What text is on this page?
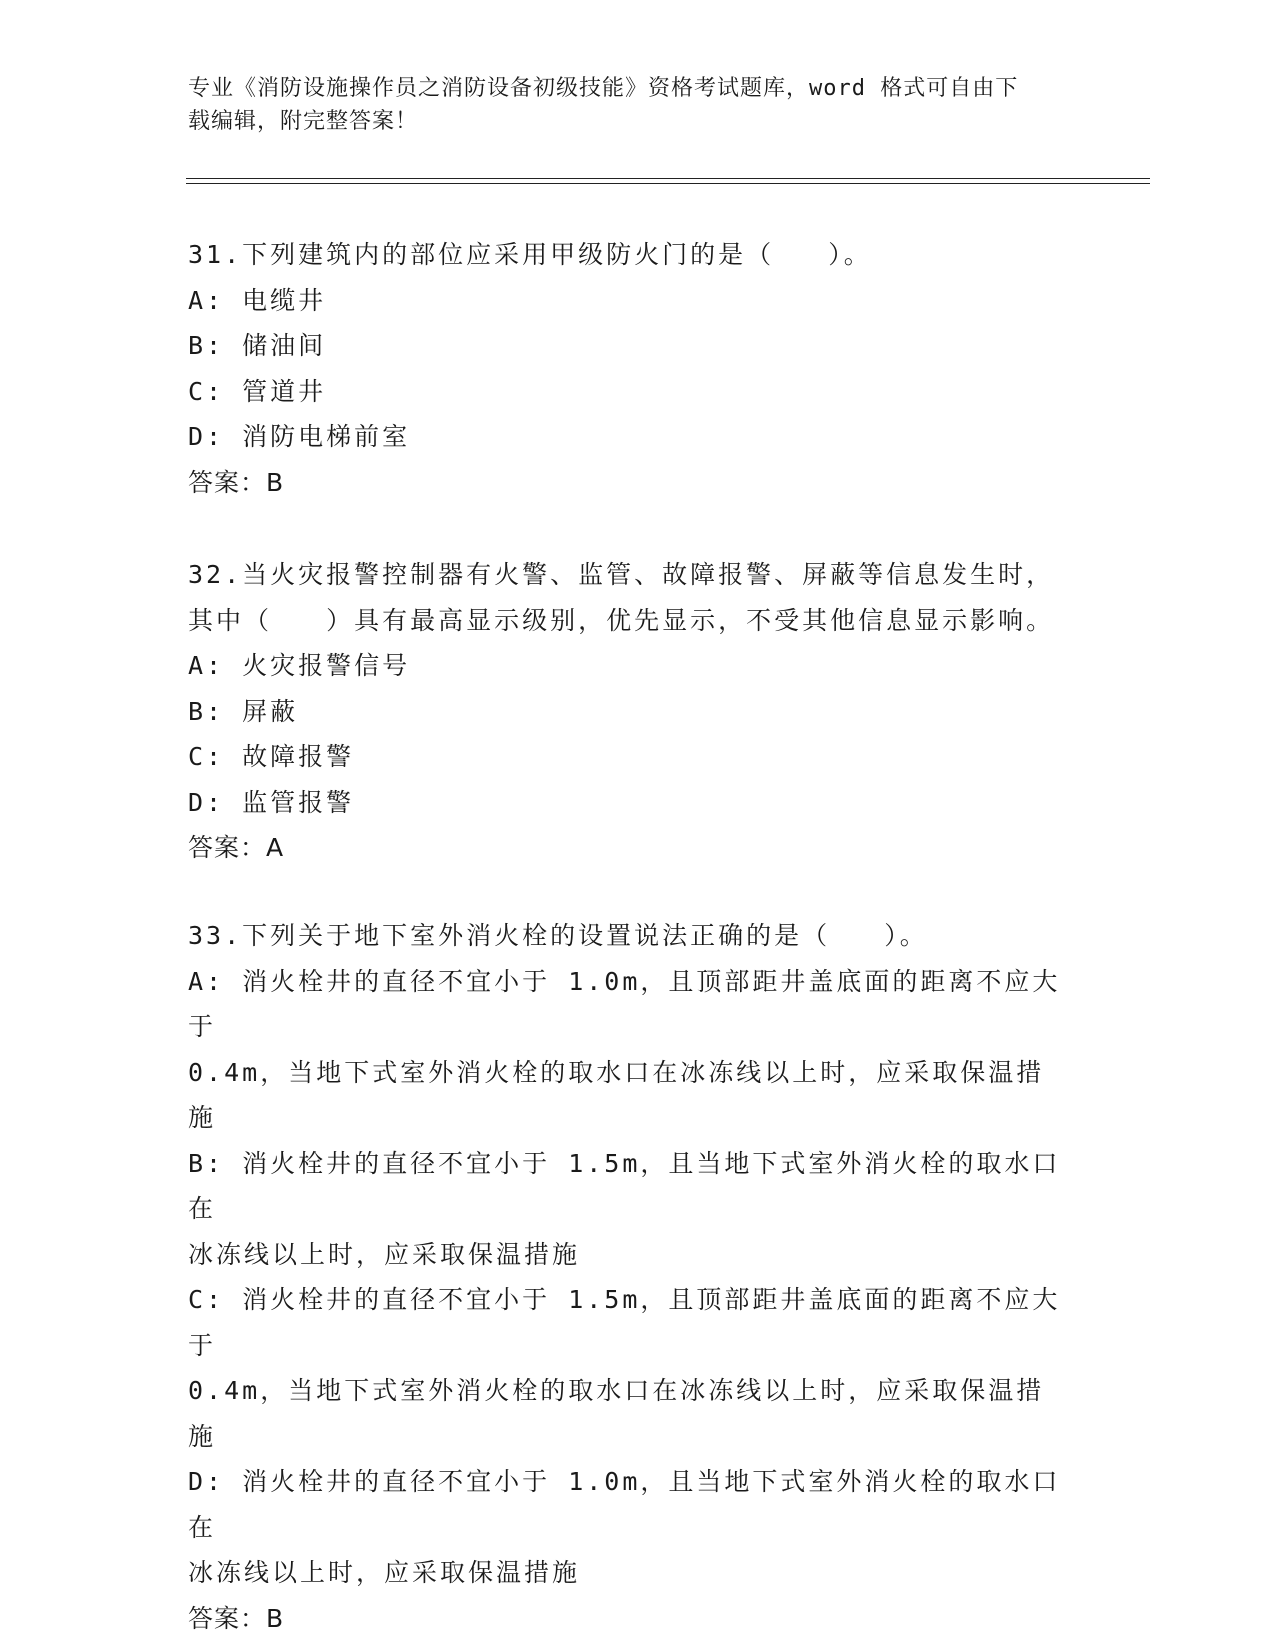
专业《消防设施操作员之消防设备初级技能》资格考试题库，word 格式可自由下
载编辑，附完整答案！
31.下列建筑内的部位应采用甲级防火门的是（   ）。
A: 电缆井
B: 储油间
C: 管道井
D: 消防电梯前室
答案：B
32.当火灾报警控制器有火警、监管、故障报警、屏蔽等信息发生时，
其中（   ）具有最高显示级别，优先显示，不受其他信息显示影响。
A: 火灾报警信号
B: 屏蔽
C: 故障报警
D: 监管报警
答案：A
33.下列关于地下室外消火栓的设置说法正确的是（   ）。
A: 消火栓井的直径不宜小于 1.0m，且顶部距井盖底面的距离不应大于
0.4m，当地下式室外消火栓的取水口在冰冻线以上时，应采取保温措
施
B: 消火栓井的直径不宜小于 1.5m，且当地下式室外消火栓的取水口在
冰冻线以上时，应采取保温措施
C: 消火栓井的直径不宜小于 1.5m，且顶部距井盖底面的距离不应大于
0.4m，当地下式室外消火栓的取水口在冰冻线以上时，应采取保温措
施
D: 消火栓井的直径不宜小于 1.0m，且当地下式室外消火栓的取水口在
冰冻线以上时，应采取保温措施
答案：B
